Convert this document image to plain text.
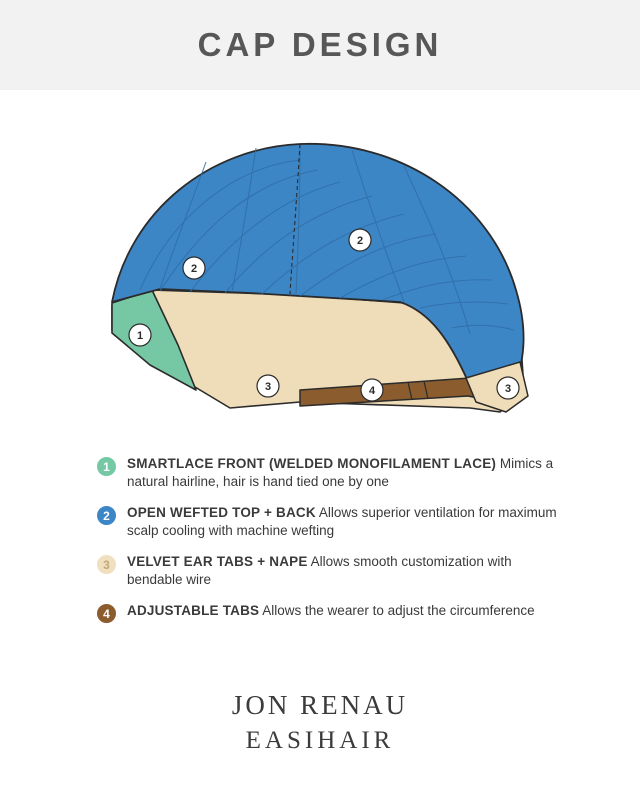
CAP DESIGN
1
2
2
3	3
4
1	SMARTLACE FRONT (WELDED MONOFILAMENT LACE) Mimics a natural hairline, hair is hand tied one by one
2	OPEN WEFTED TOP + BACK Allows superior ventilation for maximum scalp cooling with machine wefting
3	VELVET EAR TABS + NAPE Allows smooth customization with bendable wire
4	ADJUSTABLE TABS Allows the wearer to adjust the circumference
JON RENAU
EASIHAIR
